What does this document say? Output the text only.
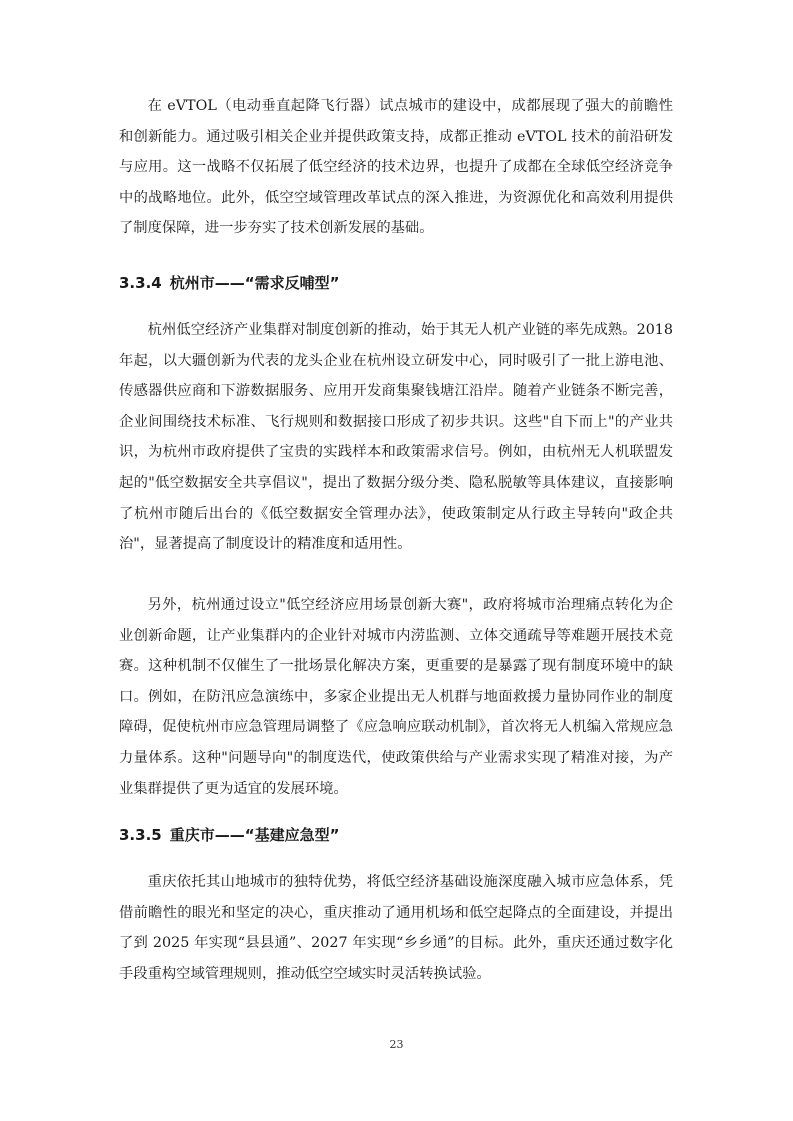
在 eVTOL（电动垂直起降飞行器）试点城市的建设中，成都展现了强大的前瞻性和创新能力。通过吸引相关企业并提供政策支持，成都正推动 eVTOL 技术的前沿研发与应用。这一战略不仅拓展了低空经济的技术边界，也提升了成都在全球低空经济竞争中的战略地位。此外，低空空域管理改革试点的深入推进，为资源优化和高效利用提供了制度保障，进一步夯实了技术创新发展的基础。

3.3.4 杭州市——“需求反哺型”

杭州低空经济产业集群对制度创新的推动，始于其无人机产业链的率先成熟。2018 年起，以大疆创新为代表的龙头企业在杭州设立研发中心，同时吸引了一批上游电池、传感器供应商和下游数据服务、应用开发商集聚钱塘江沿岸。随着产业链条不断完善，企业间围绕技术标准、飞行规则和数据接口形成了初步共识。这些"自下而上"的产业共识，为杭州市政府提供了宝贵的实践样本和政策需求信号。例如，由杭州无人机联盟发起的"低空数据安全共享倡议"，提出了数据分级分类、隐私脱敏等具体建议，直接影响了杭州市随后出台的《低空数据安全管理办法》，使政策制定从行政主导转向"政企共治"，显著提高了制度设计的精准度和适用性。

另外，杭州通过设立"低空经济应用场景创新大赛"，政府将城市治理痛点转化为企业创新命题，让产业集群内的企业针对城市内涝监测、立体交通疏导等难题开展技术竞赛。这种机制不仅催生了一批场景化解决方案，更重要的是暴露了现有制度环境中的缺口。例如，在防汛应急演练中，多家企业提出无人机群与地面救援力量协同作业的制度障碍，促使杭州市应急管理局调整了《应急响应联动机制》，首次将无人机编入常规应急力量体系。这种"问题导向"的制度迭代，使政策供给与产业需求实现了精准对接，为产业集群提供了更为适宜的发展环境。

3.3.5 重庆市——“基建应急型”

重庆依托其山地城市的独特优势，将低空经济基础设施深度融入城市应急体系，凭借前瞻性的眼光和坚定的决心，重庆推动了通用机场和低空起降点的全面建设，并提出了到 2025 年实现“县县通”、2027 年实现“乡乡通”的目标。此外，重庆还通过数字化手段重构空域管理规则，推动低空空域实时灵活转换试验。

23
